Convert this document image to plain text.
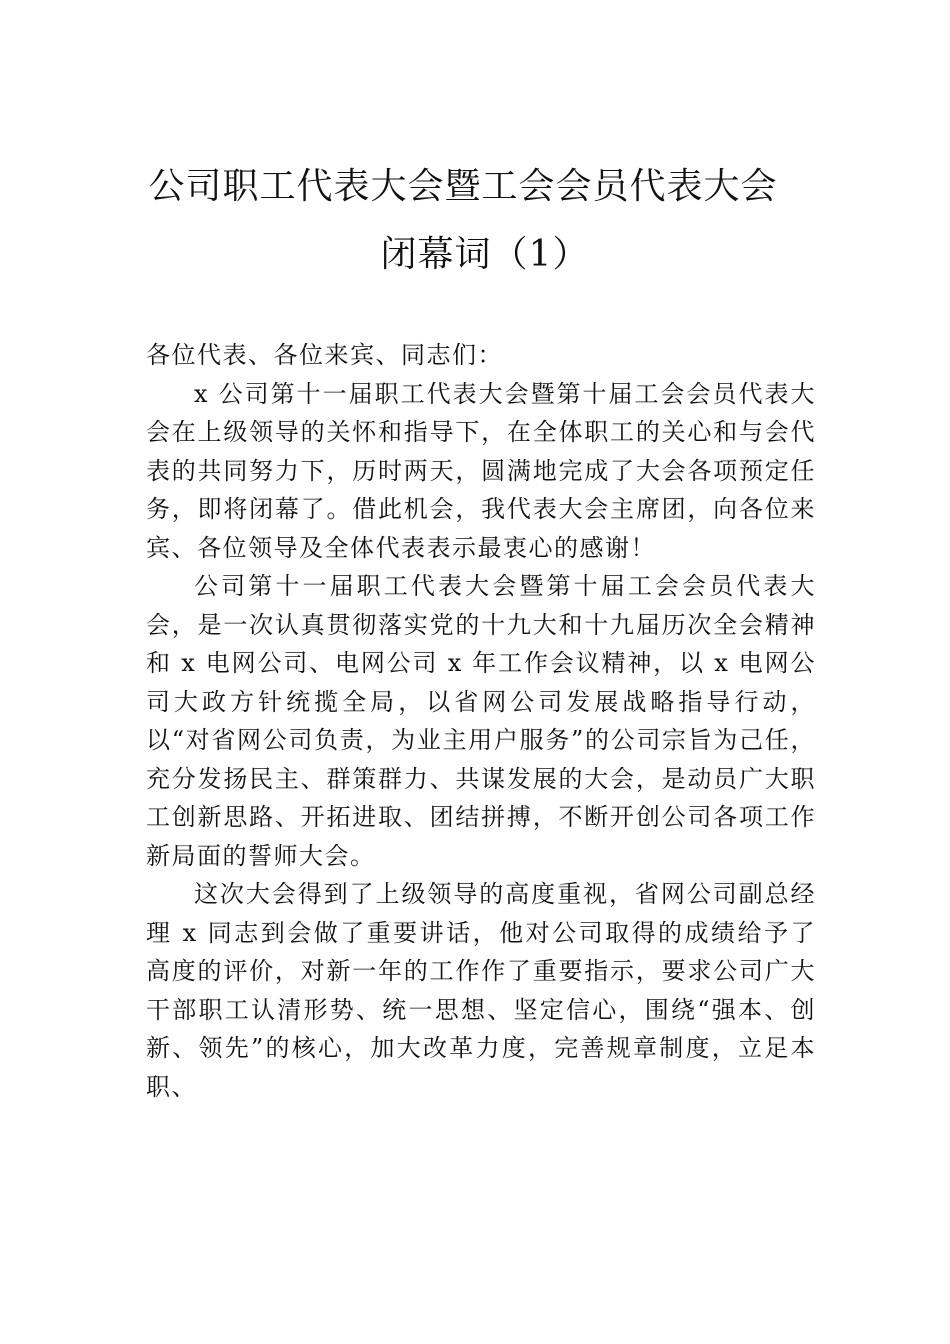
公司职工代表大会暨工会会员代表大会
闭幕词（1）

各位代表、各位来宾、同志们：

x 公司第十一届职工代表大会暨第十届工会会员代表大会在上级领导的关怀和指导下，在全体职工的关心和与会代表的共同努力下，历时两天，圆满地完成了大会各项预定任务，即将闭幕了。借此机会，我代表大会主席团，向各位来宾、各位领导及全体代表表示最衷心的感谢！

公司第十一届职工代表大会暨第十届工会会员代表大会，是一次认真贯彻落实党的十九大和十九届历次全会精神和 x 电网公司、电网公司 x 年工作会议精神，以 x 电网公司大政方针统揽全局，以省网公司发展战略指导行动，以“对省网公司负责，为业主用户服务”的公司宗旨为己任，充分发扬民主、群策群力、共谋发展的大会，是动员广大职工创新思路、开拓进取、团结拼搏，不断开创公司各项工作新局面的誓师大会。

这次大会得到了上级领导的高度重视，省网公司副总经理 x 同志到会做了重要讲话，他对公司取得的成绩给予了高度的评价，对新一年的工作作了重要指示，要求公司广大干部职工认清形势、统一思想、坚定信心，围绕“强本、创新、领先”的核心，加大改革力度，完善规章制度，立足本职、
